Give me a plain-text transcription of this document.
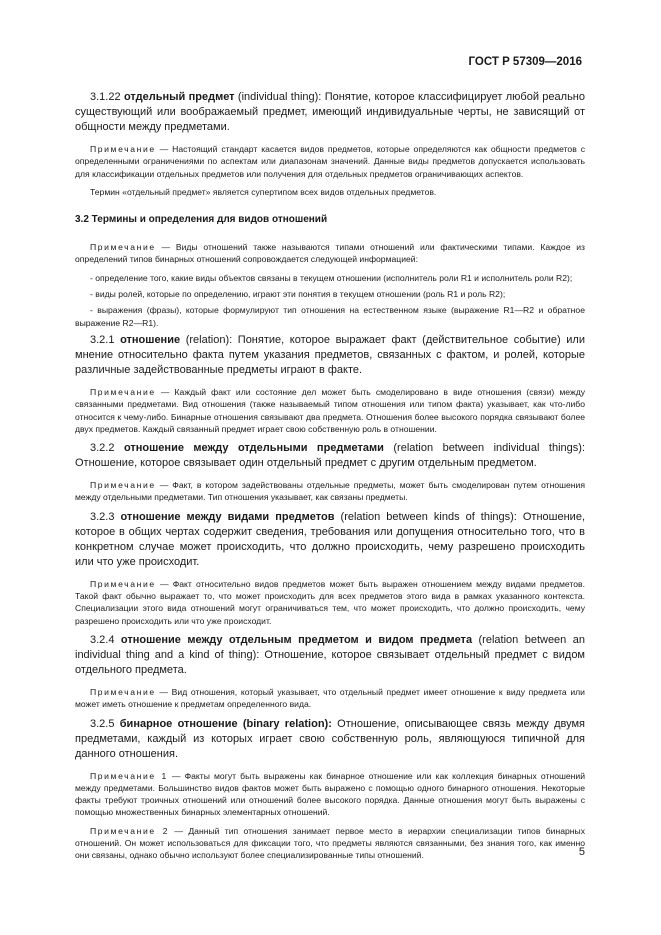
ГОСТ Р 57309—2016

3.1.22 отдельный предмет (individual thing): Понятие, которое классифицирует любой реально существующий или воображаемый предмет, имеющий индивидуальные черты, не зависящий от общности между предметами.

Примечание — Настоящий стандарт касается видов предметов, которые определяются как общности предметов с определенными ограничениями по аспектам или диапазонам значений. Данные виды предметов допускается использовать для классификации отдельных предметов или получения для отдельных предметов ограничивающих аспектов.

Термин «отдельный предмет» является супертипом всех видов отдельных предметов.

3.2 Термины и определения для видов отношений

Примечание — Виды отношений также называются типами отношений или фактическими типами. Каждое из определений типов бинарных отношений сопровождается следующей информацией:

- определение того, какие виды объектов связаны в текущем отношении (исполнитель роли R1 и исполнитель роли R2);

- виды ролей, которые по определению, играют эти понятия в текущем отношении (роль R1 и роль R2);

- выражения (фразы), которые формулируют тип отношения на естественном языке (выражение R1—R2 и обратное выражение R2—R1).

3.2.1 отношение (relation): Понятие, которое выражает факт (действительное событие) или мнение относительно факта путем указания предметов, связанных с фактом, и ролей, которые различные задействованные предметы играют в факте.

Примечание — Каждый факт или состояние дел может быть смоделировано в виде отношения (связи) между связанными предметами. Вид отношения (также называемый типом отношения или типом факта) указывает, как что-либо относится к чему-либо. Бинарные отношения связывают два предмета. Отношения более высокого порядка связывают более двух предметов. Каждый связанный предмет играет свою собственную роль в отношении.

3.2.2 отношение между отдельными предметами (relation between individual things): Отношение, которое связывает один отдельный предмет с другим отдельным предметом.

Примечание — Факт, в котором задействованы отдельные предметы, может быть смоделирован путем отношения между отдельными предметами. Тип отношения указывает, как связаны предметы.

3.2.3 отношение между видами предметов (relation between kinds of things): Отношение, которое в общих чертах содержит сведения, требования или допущения относительно того, что в конкретном случае может происходить, что должно происходить, чему разрешено происходить или что уже происходит.

Примечание — Факт относительно видов предметов может быть выражен отношением между видами предметов. Такой факт обычно выражает то, что может происходить для всех предметов этого вида в рамках указанного контекста. Специализации этого вида отношений могут ограничиваться тем, что может происходить, что должно происходить, чему разрешено происходить или что уже происходит.

3.2.4 отношение между отдельным предметом и видом предмета (relation between an individual thing and a kind of thing): Отношение, которое связывает отдельный предмет с видом отдельного предмета.

Примечание — Вид отношения, который указывает, что отдельный предмет имеет отношение к виду предмета или может иметь отношение к предметам определенного вида.

3.2.5 бинарное отношение (binary relation): Отношение, описывающее связь между двумя предметами, каждый из которых играет свою собственную роль, являющуюся типичной для данного отношения.

Примечание 1 — Факты могут быть выражены как бинарное отношение или как коллекция бинарных отношений между предметами. Большинство видов фактов может быть выражено с помощью одного бинарного отношения. Некоторые факты требуют троичных отношений или отношений более высокого порядка. Данные отношения могут быть выражены с помощью множественных бинарных элементарных отношений.

Примечание 2 — Данный тип отношения занимает первое место в иерархии специализации типов бинарных отношений. Он может использоваться для фиксации того, что предметы являются связанными, без знания того, как именно они связаны, однако обычно используют более специализированные типы отношений.	5
